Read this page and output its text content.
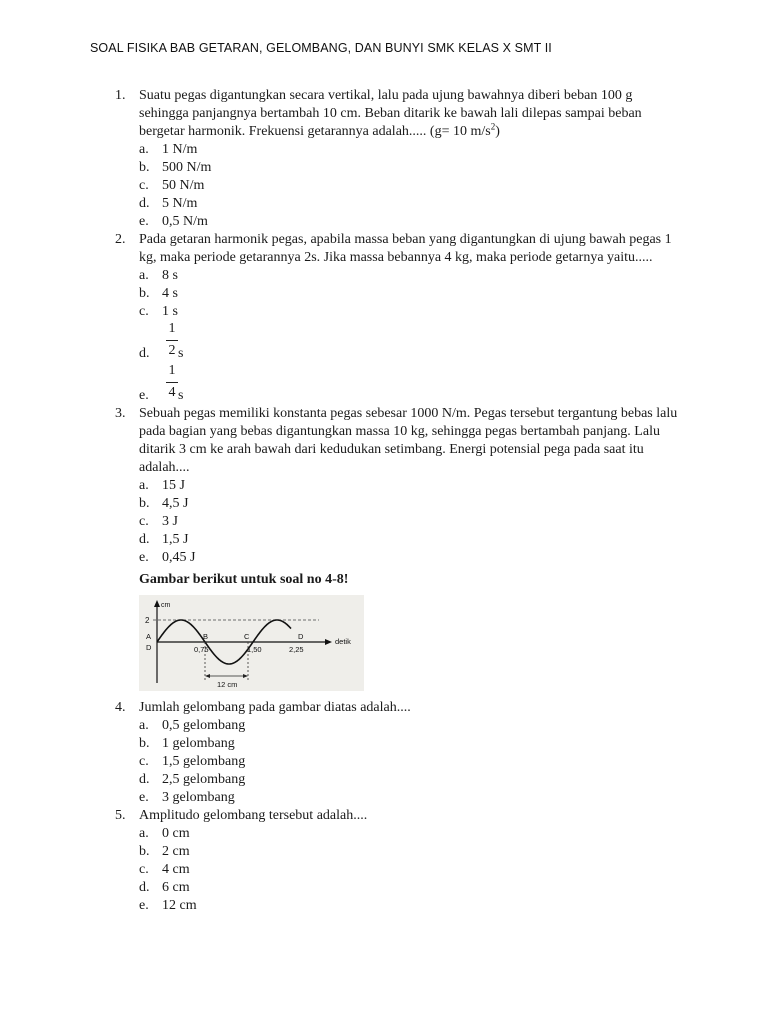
SOAL FISIKA BAB GETARAN, GELOMBANG, DAN BUNYI SMK KELAS X SMT II
1. Suatu pegas digantungkan secara vertikal, lalu pada ujung bawahnya diberi beban 100 g sehingga panjangnya bertambah 10 cm. Beban ditarik ke bawah lali dilepas sampai beban bergetar harmonik. Frekuensi getarannya adalah..... (g= 10 $m/s^2$)
a. 1 N/m
b. 500 N/m
c. 50 N/m
d. 5 N/m
e. 0,5 N/m
2. Pada getaran harmonik pegas, apabila massa beban yang digantungkan di ujung bawah pegas 1 kg, maka periode getarannya 2s. Jika massa bebannya 4 kg, maka periode getarnya yaitu.....
a. 8 s
b. 4 s
c. 1 s
d.
1
2 s
e.
1
4 s
3. Sebuah pegas memiliki konstanta pegas sebesar 1000 N/m. Pegas tersebut tergantung bebas lalu pada bagian yang bebas digantungkan massa 10 kg, sehingga pegas bertambah panjang. Lalu ditarik 3 cm ke arah bawah dari kedudukan setimbang. Energi potensial pega pada saat itu adalah....
a. 15 J
b. 4,5 J
c. 3 J
d. 1,5 J
e. 0,45 J
Gambar berikut untuk soal no 4-8!
cm
2
A
D
B	C	D
0,75	1,50	2,25
detik
12 cm
4. Jumlah gelombang pada gambar diatas adalah....
a. 0,5 gelombang
b. 1 gelombang
c. 1,5 gelombang
d. 2,5 gelombang
e. 3 gelombang
5. Amplitudo gelombang tersebut adalah....
a. 0 cm
b. 2 cm
c. 4 cm
d. 6 cm
e. 12 cm
